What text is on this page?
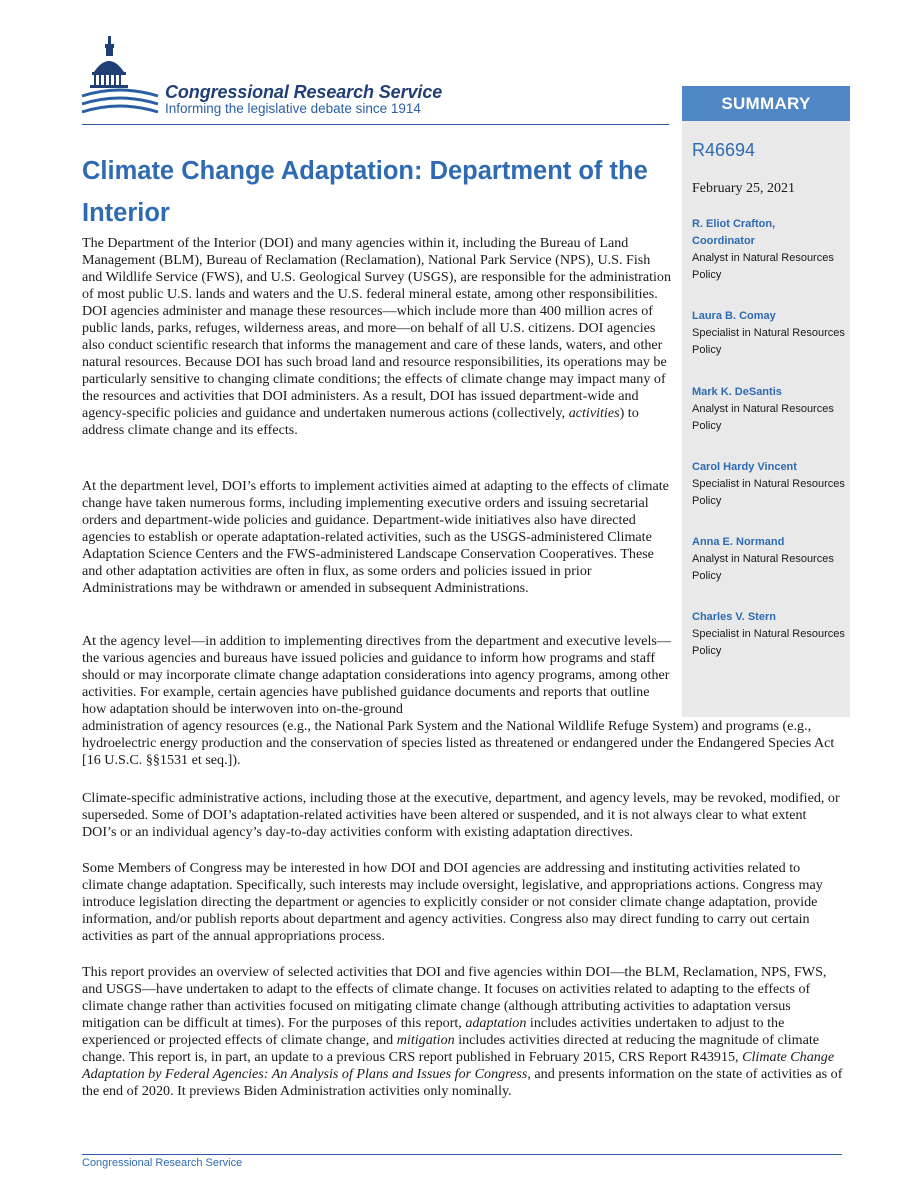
Congressional Research Service
Informing the legislative debate since 1914	SUMMARY
R46694
February 25, 2021
R. Eliot Crafton,
Coordinator
Analyst in Natural Resources Policy
Laura B. Comay
Specialist in Natural Resources Policy
Mark K. DeSantis
Analyst in Natural Resources Policy
Carol Hardy Vincent
Specialist in Natural Resources Policy
Anna E. Normand
Analyst in Natural Resources Policy
Charles V. Stern
Specialist in Natural Resources Policy
Climate Change Adaptation: Department of the Interior

The Department of the Interior (DOI) and many agencies within it, including the Bureau of Land Management (BLM), Bureau of Reclamation (Reclamation), National Park Service (NPS), U.S. Fish and Wildlife Service (FWS), and U.S. Geological Survey (USGS), are responsible for the administration of most public U.S. lands and waters and the U.S. federal mineral estate, among other responsibilities. DOI agencies administer and manage these resources—which include more than 400 million acres of public lands, parks, refuges, wilderness areas, and more—on behalf of all U.S. citizens. DOI agencies also conduct scientific research that informs the management and care of these lands, waters, and other natural resources. Because DOI has such broad land and resource responsibilities, its operations may be particularly sensitive to changing climate conditions; the effects of climate change may impact many of the resources and activities that DOI administers. As a result, DOI has issued department-wide and agency-specific policies and guidance and undertaken numerous actions (collectively, activities) to address climate change and its effects.

At the department level, DOI’s efforts to implement activities aimed at adapting to the effects of climate change have taken numerous forms, including implementing executive orders and issuing secretarial orders and department-wide policies and guidance. Department-wide initiatives also have directed agencies to establish or operate adaptation-related activities, such as the USGS-administered Climate Adaptation Science Centers and the FWS-administered Landscape Conservation Cooperatives. These and other adaptation activities are often in flux, as some orders and policies issued in prior Administrations may be withdrawn or amended in subsequent Administrations.

At the agency level—in addition to implementing directives from the department and executive levels—the various agencies and bureaus have issued policies and guidance to inform how programs and staff should or may incorporate climate change adaptation considerations into agency programs, among other activities. For example, certain agencies have published guidance documents and reports that outline how adaptation should be interwoven into on-the-ground

administration of agency resources (e.g., the National Park System and the National Wildlife Refuge System) and programs (e.g., hydroelectric energy production and the conservation of species listed as threatened or endangered under the Endangered Species Act [16 U.S.C. §§1531 et seq.]).

Climate-specific administrative actions, including those at the executive, department, and agency levels, may be revoked, modified, or superseded. Some of DOI’s adaptation-related activities have been altered or suspended, and it is not always clear to what extent DOI’s or an individual agency’s day-to-day activities conform with existing adaptation directives.

Some Members of Congress may be interested in how DOI and DOI agencies are addressing and instituting activities related to climate change adaptation. Specifically, such interests may include oversight, legislative, and appropriations actions. Congress may introduce legislation directing the department or agencies to explicitly consider or not consider climate change adaptation, provide information, and/or publish reports about department and agency activities. Congress also may direct funding to carry out certain activities as part of the annual appropriations process.

This report provides an overview of selected activities that DOI and five agencies within DOI—the BLM, Reclamation, NPS, FWS, and USGS—have undertaken to adapt to the effects of climate change. It focuses on activities related to adapting to the effects of climate change rather than activities focused on mitigating climate change (although attributing activities to adaptation versus mitigation can be difficult at times). For the purposes of this report, adaptation includes activities undertaken to adjust to the experienced or projected effects of climate change, and mitigation includes activities directed at reducing the magnitude of climate change. This report is, in part, an update to a previous CRS report published in February 2015, CRS Report R43915, Climate Change Adaptation by Federal Agencies: An Analysis of Plans and Issues for Congress, and presents information on the state of activities as of the end of 2020. It previews Biden Administration activities only nominally.

Congressional Research Service
